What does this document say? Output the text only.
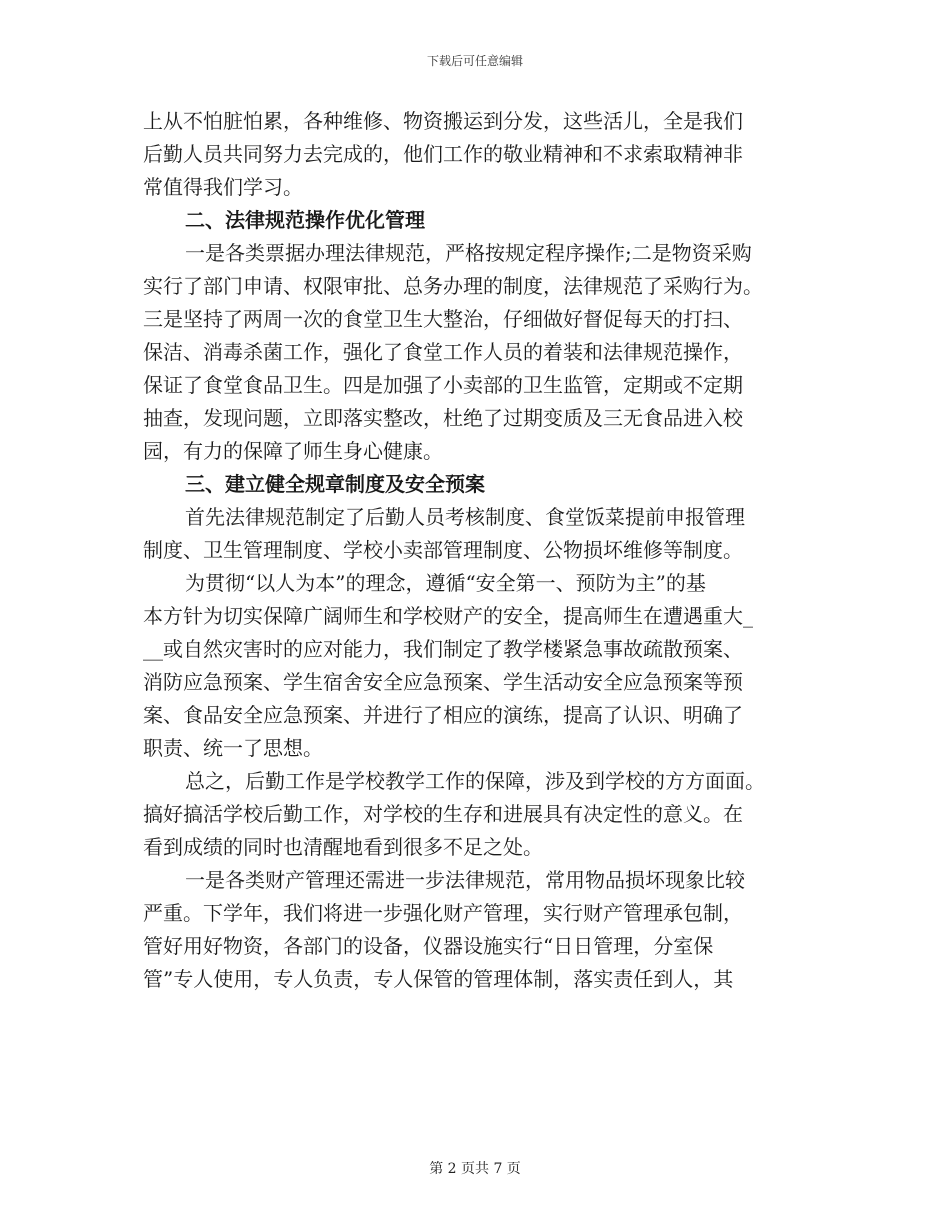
下载后可任意编辑
上从不怕脏怕累，各种维修、物资搬运到分发，这些活儿，全是我们
后勤人员共同努力去完成的，他们工作的敬业精神和不求索取精神非
常值得我们学习。
二、法律规范操作优化管理
一是各类票据办理法律规范，严格按规定程序操作;二是物资采购
实行了部门申请、权限审批、总务办理的制度，法律规范了采购行为。
三是坚持了两周一次的食堂卫生大整治，仔细做好督促每天的打扫、
保洁、消毒杀菌工作，强化了食堂工作人员的着装和法律规范操作，
保证了食堂食品卫生。四是加强了小卖部的卫生监管，定期或不定期
抽查，发现问题，立即落实整改，杜绝了过期变质及三无食品进入校
园，有力的保障了师生身心健康。
三、建立健全规章制度及安全预案
首先法律规范制定了后勤人员考核制度、食堂饭菜提前申报管理
制度、卫生管理制度、学校小卖部管理制度、公物损坏维修等制度。
为贯彻“以人为本”的理念，遵循“安全第一、预防为主”的基
本方针为切实保障广阔师生和学校财产的安全，提高师生在遭遇重大_
__或自然灾害时的应对能力，我们制定了教学楼紧急事故疏散预案、
消防应急预案、学生宿舍安全应急预案、学生活动安全应急预案等预
案、食品安全应急预案、并进行了相应的演练，提高了认识、明确了
职责、统一了思想。
总之，后勤工作是学校教学工作的保障，涉及到学校的方方面面。
搞好搞活学校后勤工作，对学校的生存和进展具有决定性的意义。在
看到成绩的同时也清醒地看到很多不足之处。
一是各类财产管理还需进一步法律规范，常用物品损坏现象比较
严重。下学年，我们将进一步强化财产管理，实行财产管理承包制，
管好用好物资，各部门的设备，仪器设施实行“日日管理，分室保
管”专人使用，专人负责，专人保管的管理体制，落实责任到人，其
第 2 页共 7 页
